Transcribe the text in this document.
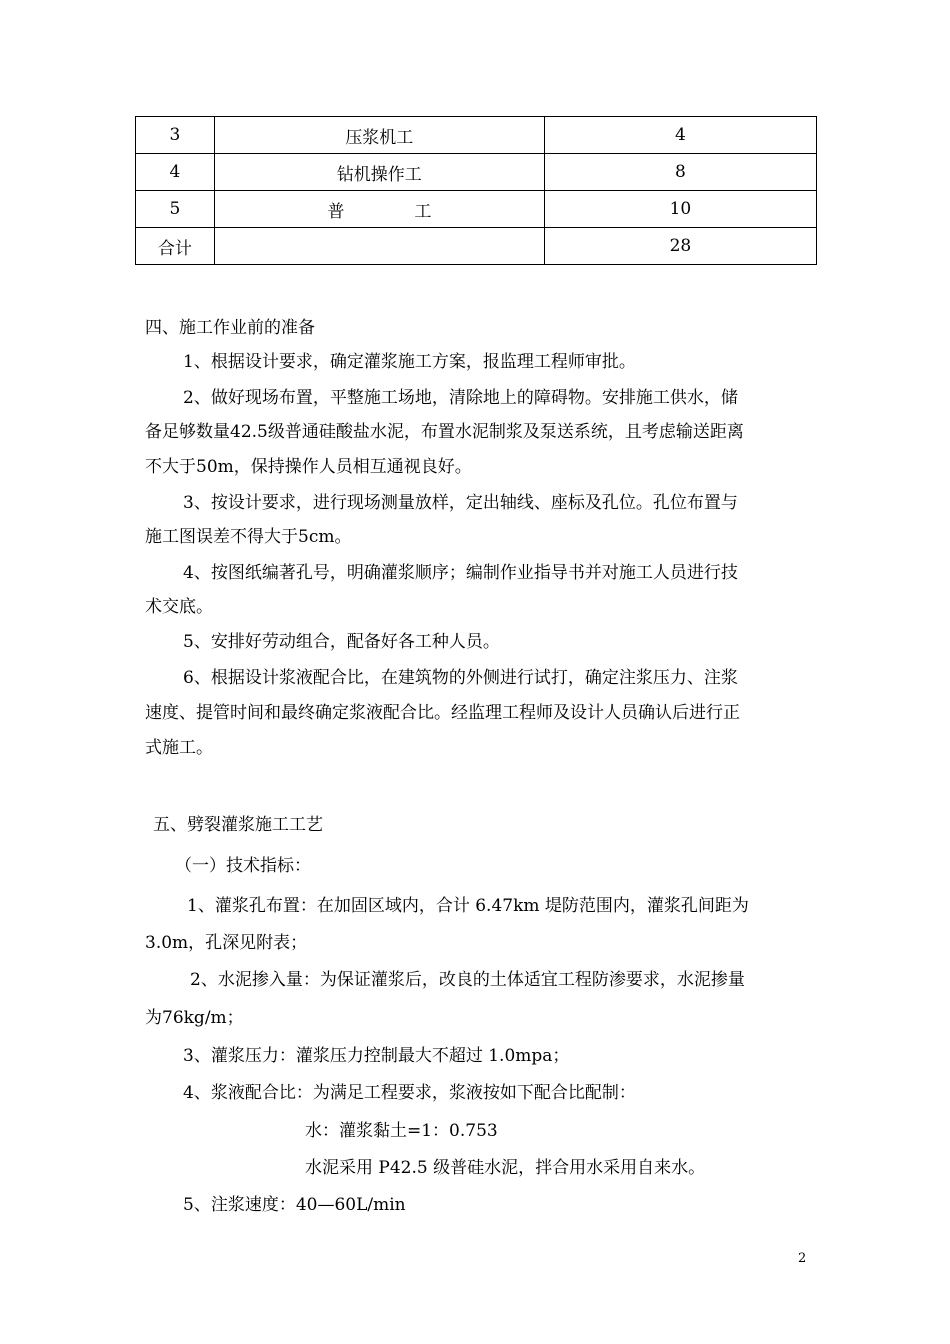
3	压浆机工	4
4	钻机操作工	8
5	普 工	10
合计		28
四、施工作业前的准备
1、根据设计要求，确定灌浆施工方案，报监理工程师审批。
2、做好现场布置，平整施工场地，清除地上的障碍物。安排施工供水，储
备足够数量42.5级普通硅酸盐水泥，布置水泥制浆及泵送系统，且考虑输送距离
不大于50m，保持操作人员相互通视良好。
3、按设计要求，进行现场测量放样，定出轴线、座标及孔位。孔位布置与
施工图误差不得大于5cm。
4、按图纸编著孔号，明确灌浆顺序；编制作业指导书并对施工人员进行技
术交底。
5、安排好劳动组合，配备好各工种人员。
6、根据设计浆液配合比，在建筑物的外侧进行试打，确定注浆压力、注浆
速度、提管时间和最终确定浆液配合比。经监理工程师及设计人员确认后进行正
式施工。
五、劈裂灌浆施工工艺
（一）技术指标：
1、灌浆孔布置：在加固区域内，合计 6.47km 堤防范围内，灌浆孔间距为
3.0m，孔深见附表；
2、水泥掺入量：为保证灌浆后，改良的土体适宜工程防渗要求，水泥掺量
为76kg/m；
3、灌浆压力：灌浆压力控制最大不超过 1.0mpa；
4、浆液配合比：为满足工程要求，浆液按如下配合比配制：
水：灌浆黏土=1：0.753
水泥采用 P42.5 级普硅水泥，拌合用水采用自来水。
5、注浆速度：40—60L/min
2
